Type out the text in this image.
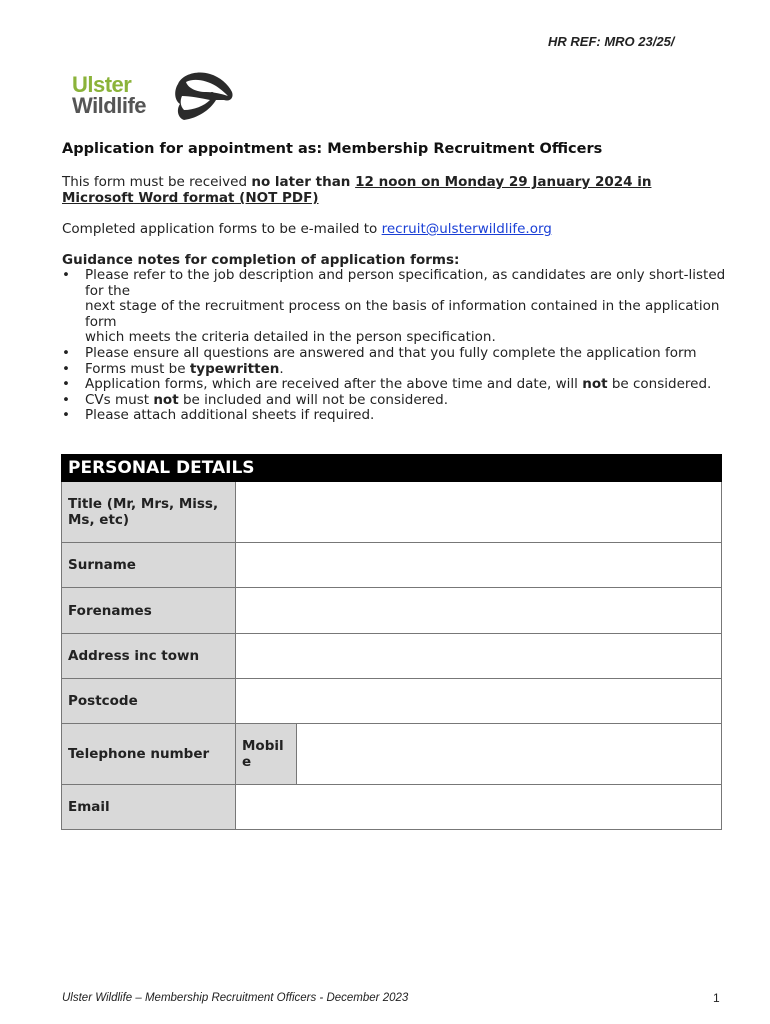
HR REF: MRO 23/25/
Ulster
Wildlife
Application for appointment as: Membership Recruitment Officers
This form must be received no later than 12 noon on Monday 29 January 2024 in
Microsoft Word format (NOT PDF)
Completed application forms to be e-mailed to recruit@ulsterwildlife.org
Guidance notes for completion of application forms:
• Please refer to the job description and person specification, as candidates are only short-listed
for the
next stage of the recruitment process on the basis of information contained in the application
form
which meets the criteria detailed in the person specification.
• Please ensure all questions are answered and that you fully complete the application form
• Forms must be typewritten.
• Application forms, which are received after the above time and date, will not be considered.
• CVs must not be included and will not be considered.
• Please attach additional sheets if required.
PERSONAL DETAILS		
Title (Mr, Mrs, Miss, Ms, etc)		
Surname		
Forenames		
Address inc town		
Postcode		
Telephone number	Mobil
e	
Email		
Ulster Wildlife – Membership Recruitment Officers - December 2023	1
